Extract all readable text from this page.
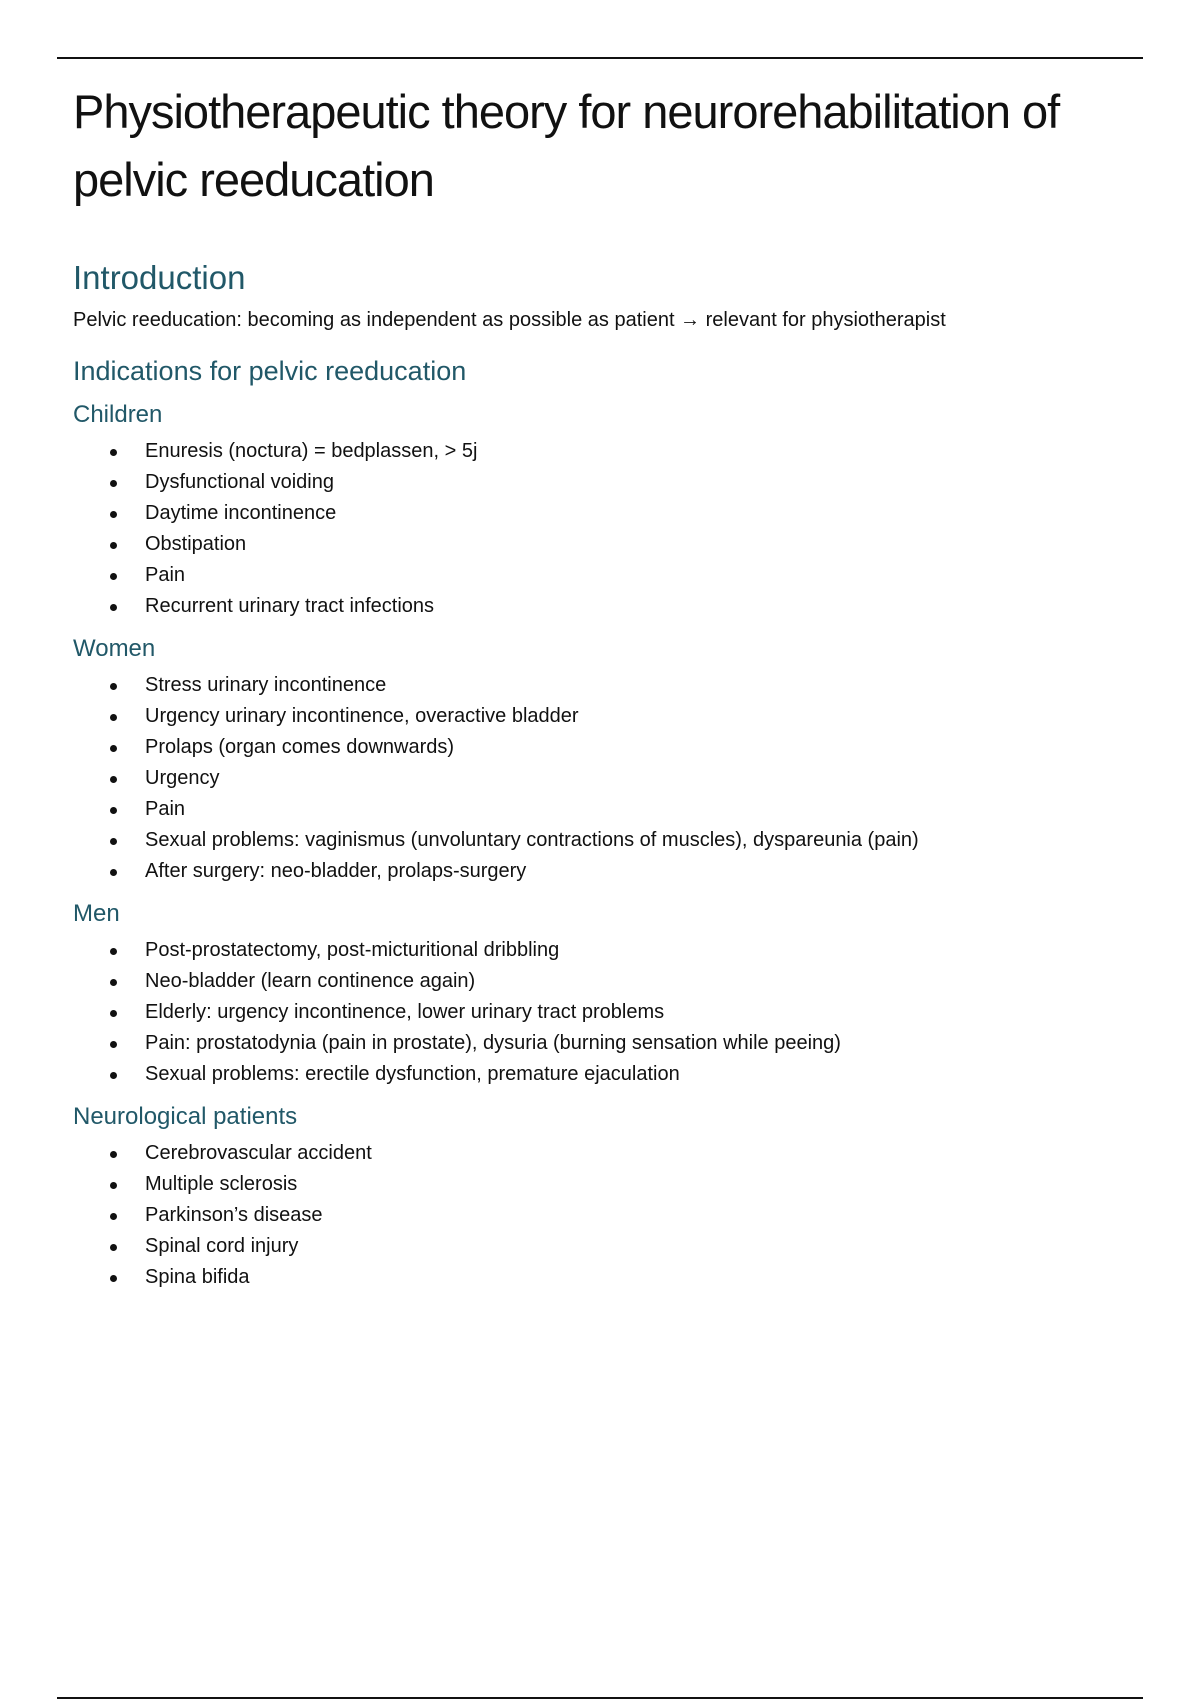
Physiotherapeutic theory for neurorehabilitation of pelvic reeducation
Introduction

Pelvic reeducation: becoming as independent as possible as patient → relevant for physiotherapist

Indications for pelvic reeducation
Children
Enuresis (noctura) = bedplassen, > 5j
Dysfunctional voiding
Daytime incontinence
Obstipation
Pain
Recurrent urinary tract infections
Women
Stress urinary incontinence
Urgency urinary incontinence, overactive bladder
Prolaps (organ comes downwards)
Urgency
Pain
Sexual problems: vaginismus (unvoluntary contractions of muscles), dyspareunia (pain)
After surgery: neo-bladder, prolaps-surgery
Men
Post-prostatectomy, post-micturitional dribbling
Neo-bladder (learn continence again)
Elderly: urgency incontinence, lower urinary tract problems
Pain: prostatodynia (pain in prostate), dysuria (burning sensation while peeing)
Sexual problems: erectile dysfunction, premature ejaculation
Neurological patients
Cerebrovascular accident
Multiple sclerosis
Parkinson’s disease
Spinal cord injury
Spina bifida
